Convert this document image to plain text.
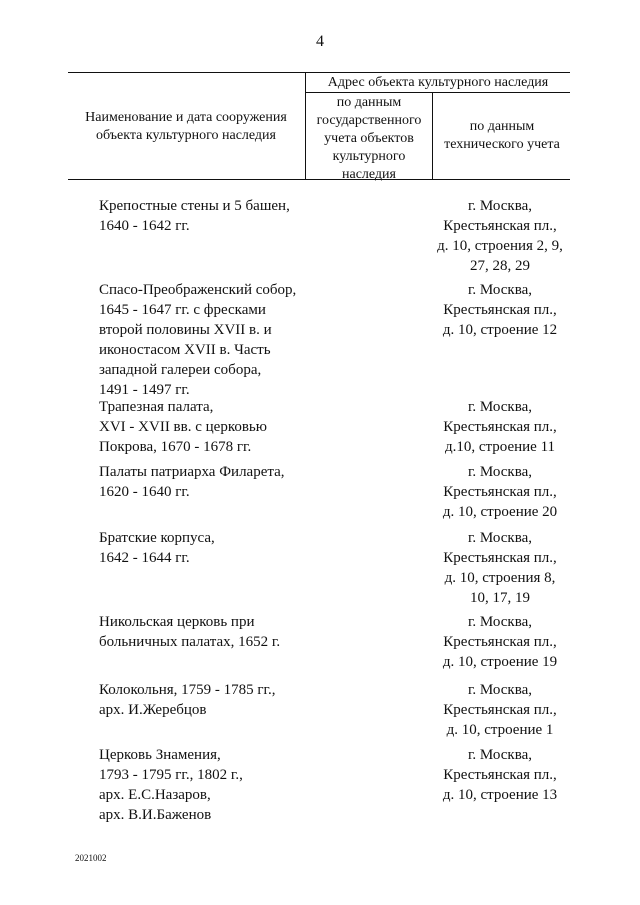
4
Наименование и дата сооружения объекта культурного наследия
Адрес объекта культурного наследия
по данным государственного учета объектов культурного наследия
по данным технического учета
Крепостные стены и 5 башен,
1640 - 1642 гг.
г. Москва,
Крестьянская пл.,
д. 10, строения 2, 9,
27, 28, 29
Спасо-Преображенский собор,
1645 - 1647 гг. с фресками
второй половины XVII в. и
иконостасом XVII в. Часть
западной галереи собора,
1491 - 1497 гг.
г. Москва,
Крестьянская пл.,
д. 10, строение 12
Трапезная палата,
XVI - XVII вв. с церковью
Покрова, 1670 - 1678 гг.
г. Москва,
Крестьянская пл.,
д.10, строение 11
Палаты патриарха Филарета,
1620 - 1640 гг.
г. Москва,
Крестьянская пл.,
д. 10, строение 20
Братские корпуса,
1642 - 1644 гг.
г. Москва,
Крестьянская пл.,
д. 10, строения 8,
10, 17, 19
Никольская церковь при
больничных палатах, 1652 г.
г. Москва,
Крестьянская пл.,
д. 10, строение 19
Колокольня, 1759 - 1785 гг.,
арх. И.Жеребцов
г. Москва,
Крестьянская пл.,
д. 10, строение 1
Церковь Знамения,
1793 - 1795 гг., 1802 г.,
арх. Е.С.Назаров,
арх. В.И.Баженов
г. Москва,
Крестьянская пл.,
д. 10, строение 13
2021002
